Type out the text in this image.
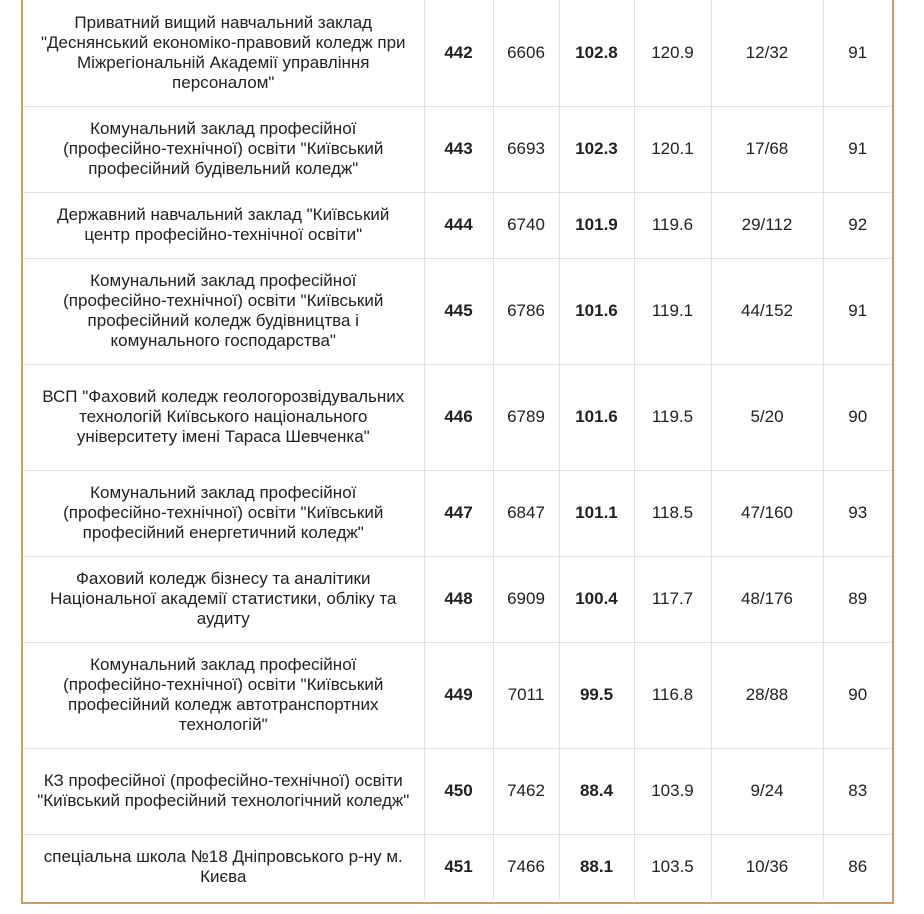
Приватний вищий навчальний заклад "Деснянський економіко-правовий коледж при Міжрегіональній Академії управління персоналом"	442	6606	102.8	120.9	12/32	91
Комунальний заклад професійної (професійно-технічної) освіти "Київський професійний будівельний коледж"	443	6693	102.3	120.1	17/68	91
Державний навчальний заклад "Київський центр професійно-технічної освіти"	444	6740	101.9	119.6	29/112	92
Комунальний заклад професійної (професійно-технічної) освіти "Київський професійний коледж будівництва і комунального господарства"	445	6786	101.6	119.1	44/152	91
ВСП "Фаховий коледж геологорозвідувальних технологій Київського національного університету імені Тараса Шевченка"	446	6789	101.6	119.5	5/20	90
Комунальний заклад професійної (професійно-технічної) освіти "Київський професійний енергетичний коледж"	447	6847	101.1	118.5	47/160	93
Фаховий коледж бізнесу та аналітики Національної академії статистики, обліку та аудиту	448	6909	100.4	117.7	48/176	89
Комунальний заклад професійної (професійно-технічної) освіти "Київський професійний коледж автотранспортних технологій"	449	7011	99.5	116.8	28/88	90
КЗ професійної (професійно-технічної) освіти "Київський професійний технологічний коледж"	450	7462	88.4	103.9	9/24	83
спеціальна школа №18 Дніпровського р-ну м. Києва	451	7466	88.1	103.5	10/36	86
